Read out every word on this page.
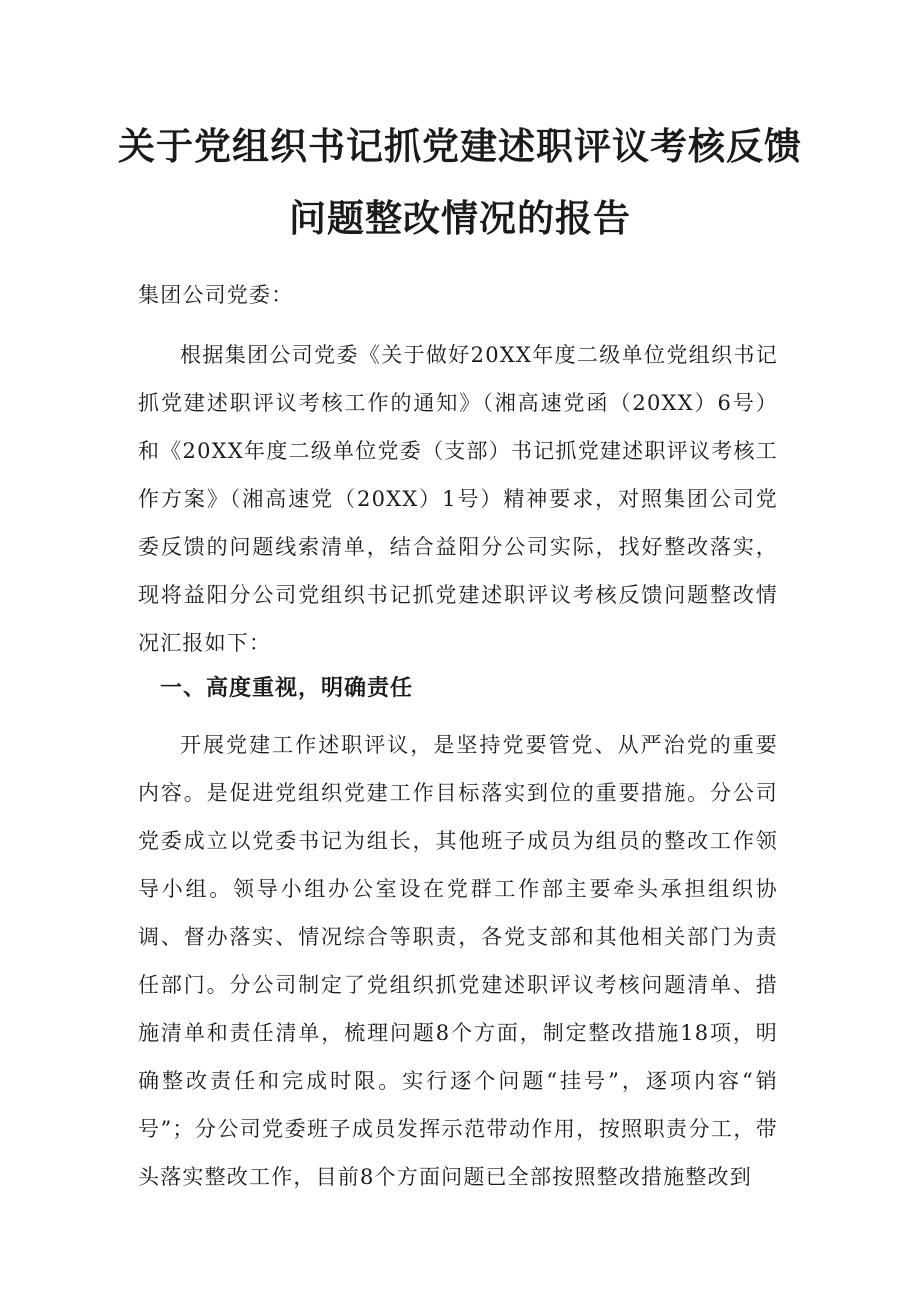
关于党组织书记抓党建述职评议考核反馈
问题整改情况的报告
集团公司党委：

根据集团公司党委《关于做好20XX年度二级单位党组织书记抓党建述职评议考核工作的通知》（湘高速党函（20XX）6号）和《20XX年度二级单位党委（支部）书记抓党建述职评议考核工作方案》（湘高速党（20XX）1号）精神要求，对照集团公司党委反馈的问题线索清单，结合益阳分公司实际，找好整改落实，现将益阳分公司党组织书记抓党建述职评议考核反馈问题整改情况汇报如下：

一、高度重视，明确责任

开展党建工作述职评议，是坚持党要管党、从严治党的重要内容。是促进党组织党建工作目标落实到位的重要措施。分公司党委成立以党委书记为组长，其他班子成员为组员的整改工作领导小组。领导小组办公室设在党群工作部主要牵头承担组织协调、督办落实、情况综合等职责，各党支部和其他相关部门为责任部门。分公司制定了党组织抓党建述职评议考核问题清单、措施清单和责任清单，梳理问题8个方面，制定整改措施18项，明确整改责任和完成时限。实行逐个问题“挂号”，逐项内容“销号”；分公司党委班子成员发挥示范带动作用，按照职责分工，带头落实整改工作，目前8个方面问题已全部按照整改措施整改到
